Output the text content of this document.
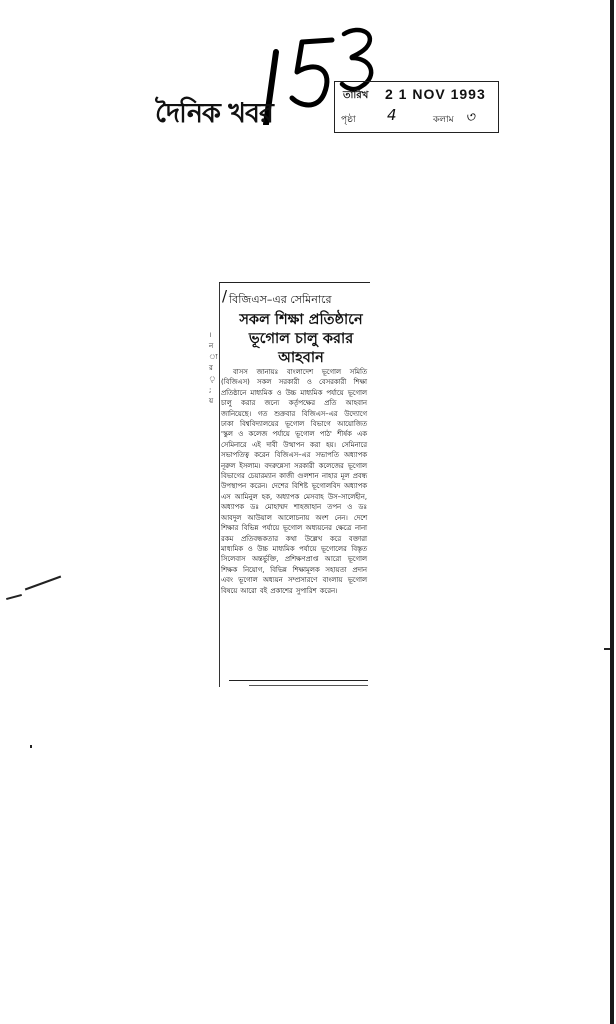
দৈনিক খবর
তারিখ 2 1 NOV 1993
পৃষ্ঠা 4	কলাম ৩
। ন া র ৃ ; য়
/ বিজিএস–এর সেমিনারে
সকল শিক্ষা প্রতিষ্ঠানে
ভূগোল চালু করার
আহবান

বাসস জানায়ঃ বাংলাদেশ ভূগোল সমিতি (বিজিএস) সকল সরকারী ও বেসরকারী শিক্ষা প্রতিষ্ঠানে মাধ্যমিক ও উচ্চ মাধ্যমিক পর্যায়ে ভূগোল চালু করার জন্যে কর্তৃপক্ষের প্রতি আহবান জানিয়েছে। গত শুক্রবার বিজিএস–এর উদ্যোগে ঢাকা বিশ্ববিদ্যালয়ের ভূগোল বিভাগে আয়োজিত 'স্কুল ও কলেজ পর্যায়ে ভূগোল পাঠ' শীর্ষক এক সেমিনারে এই দাবী উত্থাপন করা হয়। সেমিনারে সভাপতিত্ব করেন বিজিএস–এর সভাপতি অধ্যাপক নূরুল ইসলাম। বদরুন্নেসা সরকারী কলেজের ভূগোল বিভাগের চেয়ারম্যান কাজী গুলশান নাহার মূল প্রবন্ধ উপস্থাপন করেন। দেশের বিশিষ্ট ভূগোলবিদ অধ্যাপক এস আমিনুল হক, অধ্যাপক মেসবাহ উস–সালেহীন, অধ্যাপক ডঃ মোহাম্মদ শাহজাহান তপন ও ডঃ আবদুল আউয়াল আলোচনায় অংশ নেন। দেশে শিক্ষার বিভিন্ন পর্যায়ে ভূগোল অধ্যয়নের ক্ষেত্রে নানা রকম প্রতিবন্ধকতার কথা উল্লেখ করে বক্তারা মাধ্যমিক ও উচ্চ মাধ্যমিক পর্যায়ে ভূগোলের বিস্তৃত সিলেবাস অন্তর্ভুক্তি, প্রশিক্ষণপ্রাপ্ত আরো ভূগোল শিক্ষক নিয়োগ, বিভিন্ন শিক্ষামূলক সহায়তা প্রদান এবং ভূগোল অধ্যয়ন সম্প্রসারণে বাংলায় ভূগোল বিষয়ে আরো বই প্রকাশের সুপারিশ করেন।
